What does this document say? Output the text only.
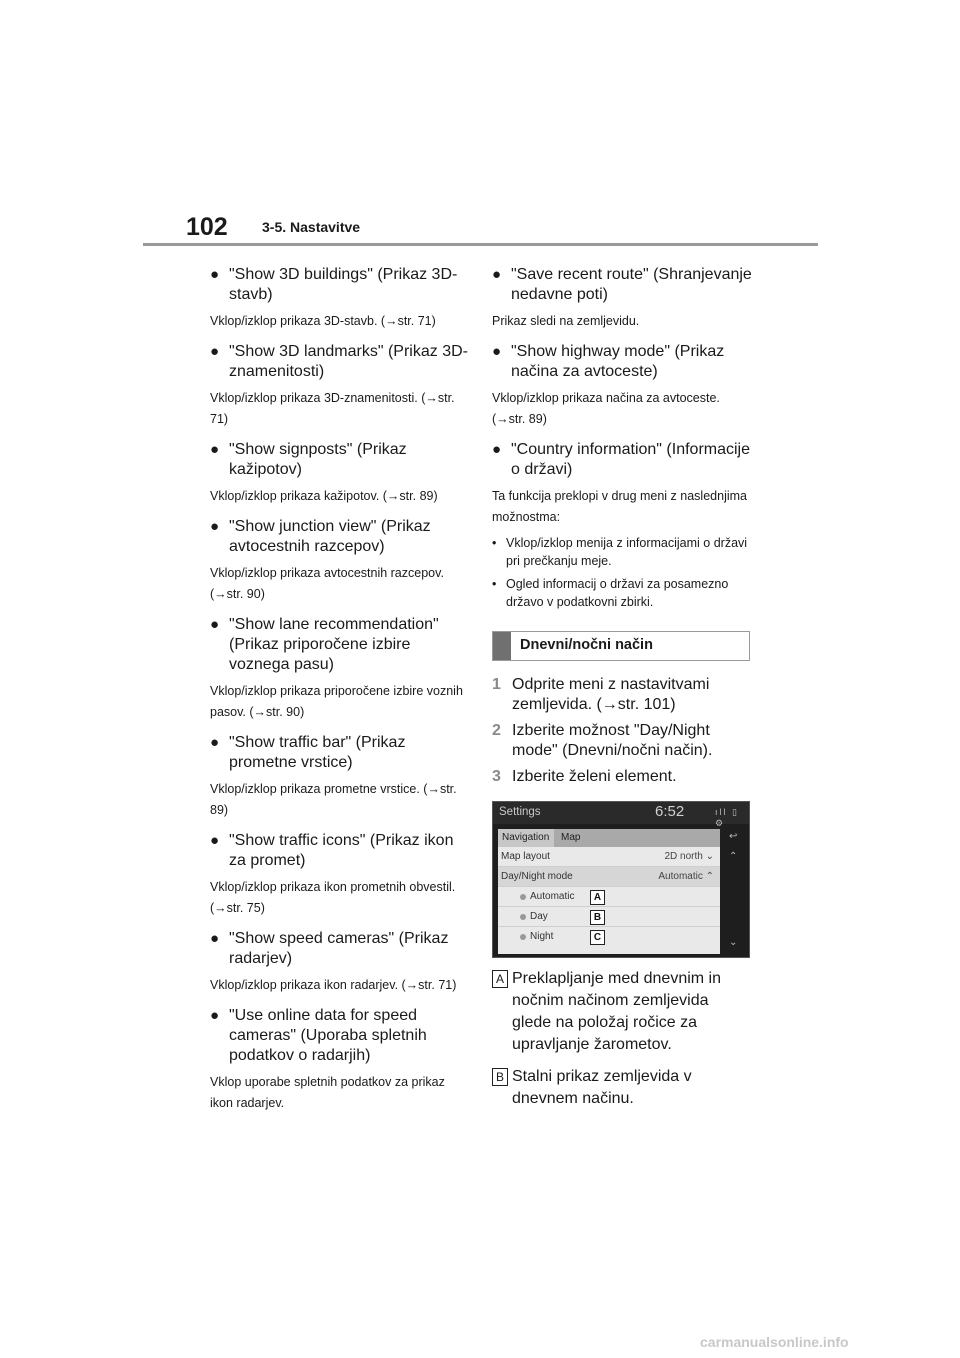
102 3-5. Nastavitve
● "Show 3D buildings" (Prikaz 3D-stavb)
Vklop/izklop prikaza 3D-stavb. (→str. 71)
● "Show 3D landmarks" (Prikaz 3D-znamenitosti)
Vklop/izklop prikaza 3D-znamenitosti. (→str. 71)
● "Show signposts" (Prikaz kažipotov)
Vklop/izklop prikaza kažipotov. (→str. 89)
● "Show junction view" (Prikaz avtocestnih razcepov)
Vklop/izklop prikaza avtocestnih razcepov. (→str. 90)
● "Show lane recommendation" (Prikaz priporočene izbire voznega pasu)
Vklop/izklop prikaza priporočene izbire voznih pasov. (→str. 90)
● "Show traffic bar" (Prikaz prometne vrstice)
Vklop/izklop prikaza prometne vrstice. (→str. 89)
● "Show traffic icons" (Prikaz ikon za promet)
Vklop/izklop prikaza ikon prometnih obvestil. (→str. 75)
● "Show speed cameras" (Prikaz radarjev)
Vklop/izklop prikaza ikon radarjev. (→str. 71)
● "Use online data for speed cameras" (Uporaba spletnih podatkov o radarjih)
Vklop uporabe spletnih podatkov za prikaz ikon radarjev.
● "Save recent route" (Shranjevanje nedavne poti)
Prikaz sledi na zemljevidu.
● "Show highway mode" (Prikaz načina za avtoceste)
Vklop/izklop prikaza načina za avtoceste. (→str. 89)
● "Country information" (Informacije o državi)
Ta funkcija preklopi v drug meni z naslednjima možnostma:
• Vklop/izklop menija z informacijami o državi pri prečkanju meje.
• Ogled informacij o državi za posamezno državo v podatkovni zbirki.
Dnevni/nočni način
1 Odprite meni z nastavitvami zemljevida. (→str. 101)
2 Izberite možnost "Day/Night mode" (Dnevni/nočni način).
3 Izberite želeni element.
Settings	6:52	ıll ▯ ⚙
Navigation	Map
Map layout	2D north ⌄
Day/Night mode	Automatic ⌃
Automatic
Day
Night
A
B
C
↩
⌃
⌄
A Preklapljanje med dnevnim in nočnim načinom zemljevida glede na položaj ročice za upravljanje žarometov.
B Stalni prikaz zemljevida v dnevnem načinu.
carmanualsonline.info
